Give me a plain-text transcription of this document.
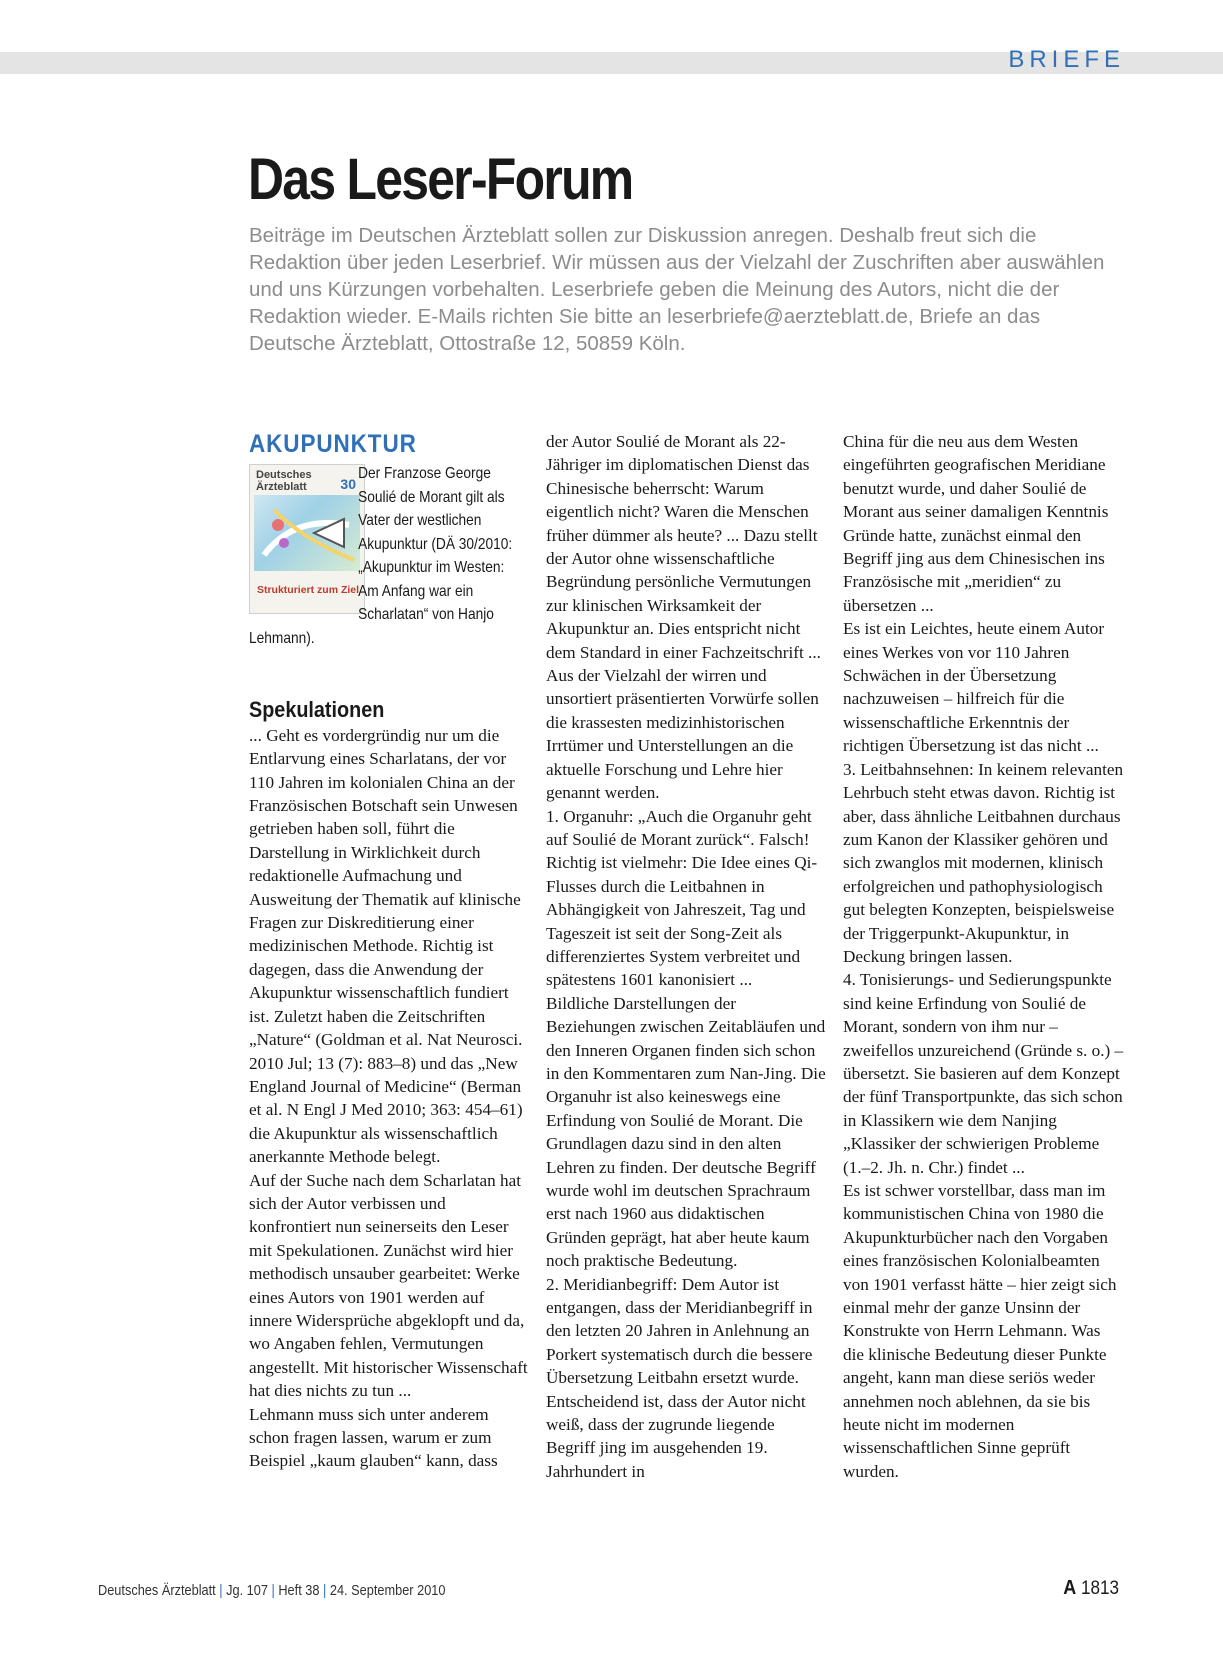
BRIEFE
Das Leser-Forum

Beiträge im Deutschen Ärzteblatt sollen zur Diskussion anregen. Deshalb freut sich die Redaktion über jeden Leserbrief. Wir müssen aus der Vielzahl der Zuschriften aber auswählen und uns Kürzungen vorbehalten. Leserbriefe geben die Meinung des Autors, nicht die der Redaktion wieder. E-Mails richten Sie bitte an leserbriefe@aerzteblatt.de, Briefe an das Deutsche Ärzteblatt, Ottostraße 12, 50859 Köln.

AKUPUNKTUR
Deutsches
Ärzteblatt	30
Strukturiert zum Ziel

Der Franzose George Soulié de Morant gilt als Vater der westlichen Akupunktur (DÄ 30/2010: „Akupunktur im Westen: Am Anfang war ein Scharlatan“ von Hanjo Lehmann).

Spekulationen

... Geht es vordergründig nur um die Entlarvung eines Scharlatans, der vor 110 Jahren im kolonialen China an der Französischen Botschaft sein Unwesen getrieben haben soll, führt die Darstellung in Wirklichkeit durch redaktionelle Aufmachung und Ausweitung der Thematik auf klinische Fragen zur Diskreditierung einer medizinischen Methode. Richtig ist dagegen, dass die Anwendung der Akupunktur wissenschaftlich fundiert ist. Zuletzt haben die Zeitschriften „Nature“ (Goldman et al. Nat Neurosci. 2010 Jul; 13 (7): 883–8) und das „New England Journal of Medicine“ (Berman et al. N Engl J Med 2010; 363: 454–61) die Akupunktur als wissenschaftlich anerkannte Methode belegt.
Auf der Suche nach dem Scharlatan hat sich der Autor verbissen und konfrontiert nun seinerseits den Leser mit Spekulationen. Zunächst wird hier methodisch unsauber gearbeitet: Werke eines Autors von 1901 werden auf innere Widersprüche abgeklopft und da, wo Angaben fehlen, Vermutungen angestellt. Mit historischer Wissenschaft hat dies nichts zu tun ...
Lehmann muss sich unter anderem schon fragen lassen, warum er zum Beispiel „kaum glauben“ kann, dass

der Autor Soulié de Morant als 22-Jähriger im diplomatischen Dienst das Chinesische beherrscht: Warum eigentlich nicht? Waren die Menschen früher dümmer als heute? ... Dazu stellt der Autor ohne wissenschaftliche Begründung persönliche Vermutungen zur klinischen Wirksamkeit der Akupunktur an. Dies entspricht nicht dem Standard in einer Fachzeitschrift ...
Aus der Vielzahl der wirren und unsortiert präsentierten Vorwürfe sollen die krassesten medizinhistorischen Irrtümer und Unterstellungen an die aktuelle Forschung und Lehre hier genannt werden.
1. Organuhr: „Auch die Organuhr geht auf Soulié de Morant zurück“. Falsch! Richtig ist vielmehr: Die Idee eines Qi-Flusses durch die Leitbahnen in Abhängigkeit von Jahreszeit, Tag und Tageszeit ist seit der Song-Zeit als differenziertes System verbreitet und spätestens 1601 kanonisiert ...
Bildliche Darstellungen der Beziehungen zwischen Zeitabläufen und den Inneren Organen finden sich schon in den Kommentaren zum Nan-Jing. Die Organuhr ist also keineswegs eine Erfindung von Soulié de Morant. Die Grundlagen dazu sind in den alten Lehren zu finden. Der deutsche Begriff wurde wohl im deutschen Sprachraum erst nach 1960 aus didaktischen Gründen geprägt, hat aber heute kaum noch praktische Bedeutung.
2. Meridianbegriff: Dem Autor ist entgangen, dass der Meridianbegriff in den letzten 20 Jahren in Anlehnung an Porkert systematisch durch die bessere Übersetzung Leitbahn ersetzt wurde. Entscheidend ist, dass der Autor nicht weiß, dass der zugrunde liegende Begriff jing im ausgehenden 19. Jahrhundert in

China für die neu aus dem Westen eingeführten geografischen Meridiane benutzt wurde, und daher Soulié de Morant aus seiner damaligen Kenntnis Gründe hatte, zunächst einmal den Begriff jing aus dem Chinesischen ins Französische mit „meridien“ zu übersetzen ...
Es ist ein Leichtes, heute einem Autor eines Werkes von vor 110 Jahren Schwächen in der Übersetzung nachzuweisen – hilfreich für die wissenschaftliche Erkenntnis der richtigen Übersetzung ist das nicht ...
3. Leitbahnsehnen: In keinem relevanten Lehrbuch steht etwas davon. Richtig ist aber, dass ähnliche Leitbahnen durchaus zum Kanon der Klassiker gehören und sich zwanglos mit modernen, klinisch erfolgreichen und pathophysiologisch gut belegten Konzepten, beispielsweise der Triggerpunkt-Akupunktur, in Deckung bringen lassen.
4. Tonisierungs- und Sedierungspunkte sind keine Erfindung von Soulié de Morant, sondern von ihm nur – zweifellos unzureichend (Gründe s. o.) – übersetzt. Sie basieren auf dem Konzept der fünf Transportpunkte, das sich schon in Klassikern wie dem Nanjing „Klassiker der schwierigen Probleme (1.–2. Jh. n. Chr.) findet ...
Es ist schwer vorstellbar, dass man im kommunistischen China von 1980 die Akupunkturbücher nach den Vorgaben eines französischen Kolonialbeamten von 1901 verfasst hätte – hier zeigt sich einmal mehr der ganze Unsinn der Konstrukte von Herrn Lehmann. Was die klinische Bedeutung dieser Punkte angeht, kann man diese seriös weder annehmen noch ablehnen, da sie bis heute nicht im modernen wissenschaftlichen Sinne geprüft wurden.

Deutsches Ärzteblatt | Jg. 107 | Heft 38 | 24. September 2010	A 1813
